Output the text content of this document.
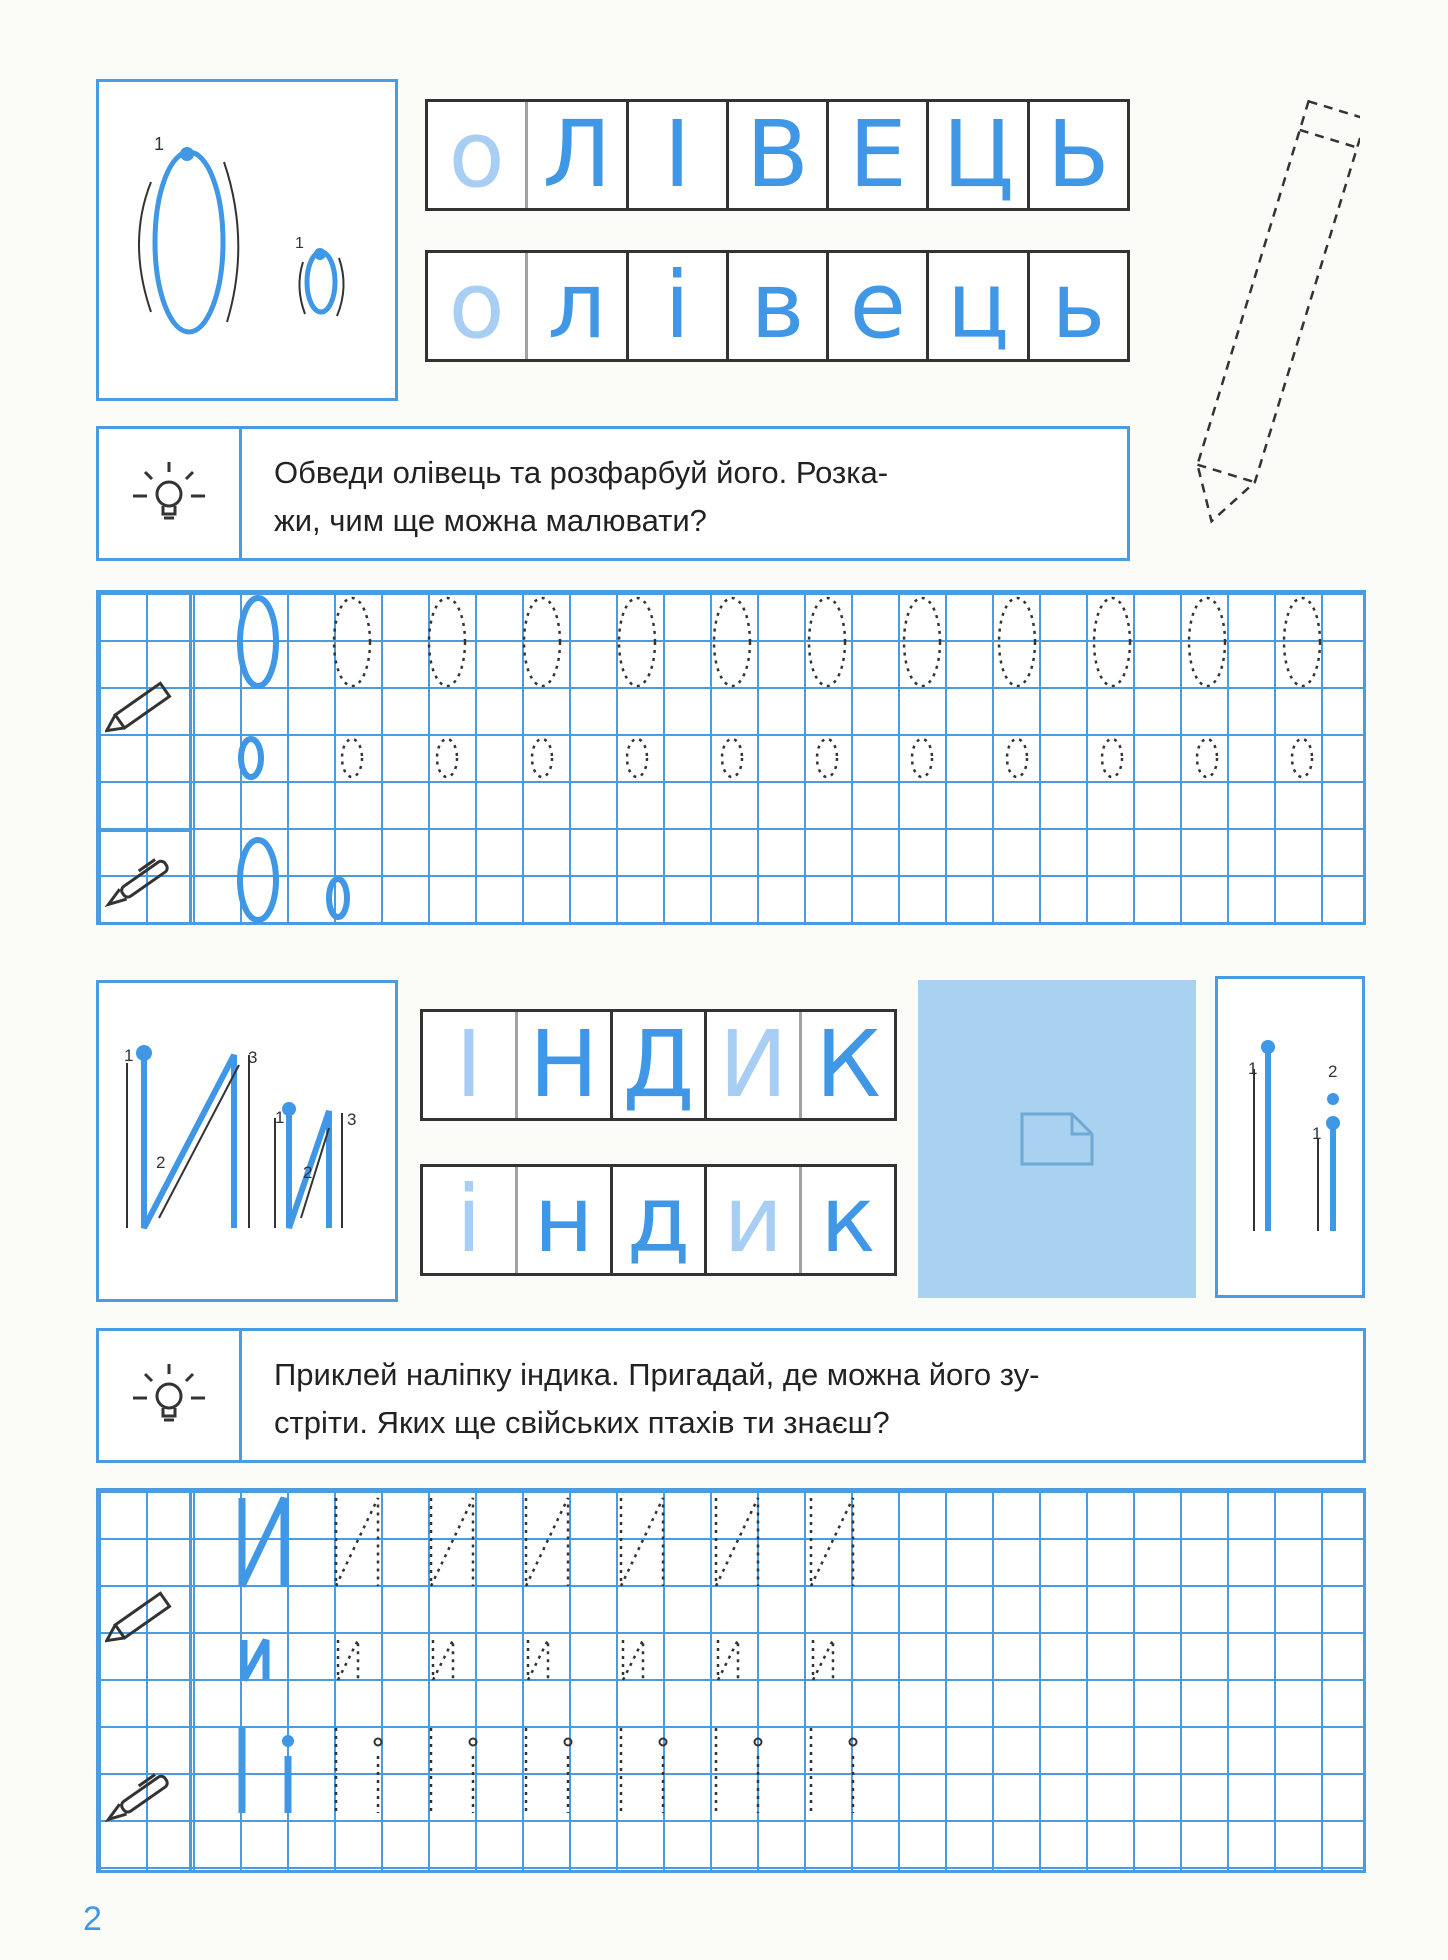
1
1
о Л І В Е Ц Ь
о л і в е ц ь
Обведи олівець та розфарбуй його. Розка-
жи, чим ще можна малювати?
1
2
3
1
2
3
І Н Д И К
і н д и к
1	2
1
Приклей наліпку індика. Пригадай, де можна його зу-
стріти. Яких ще свійських птахів ти знаєш?
2
